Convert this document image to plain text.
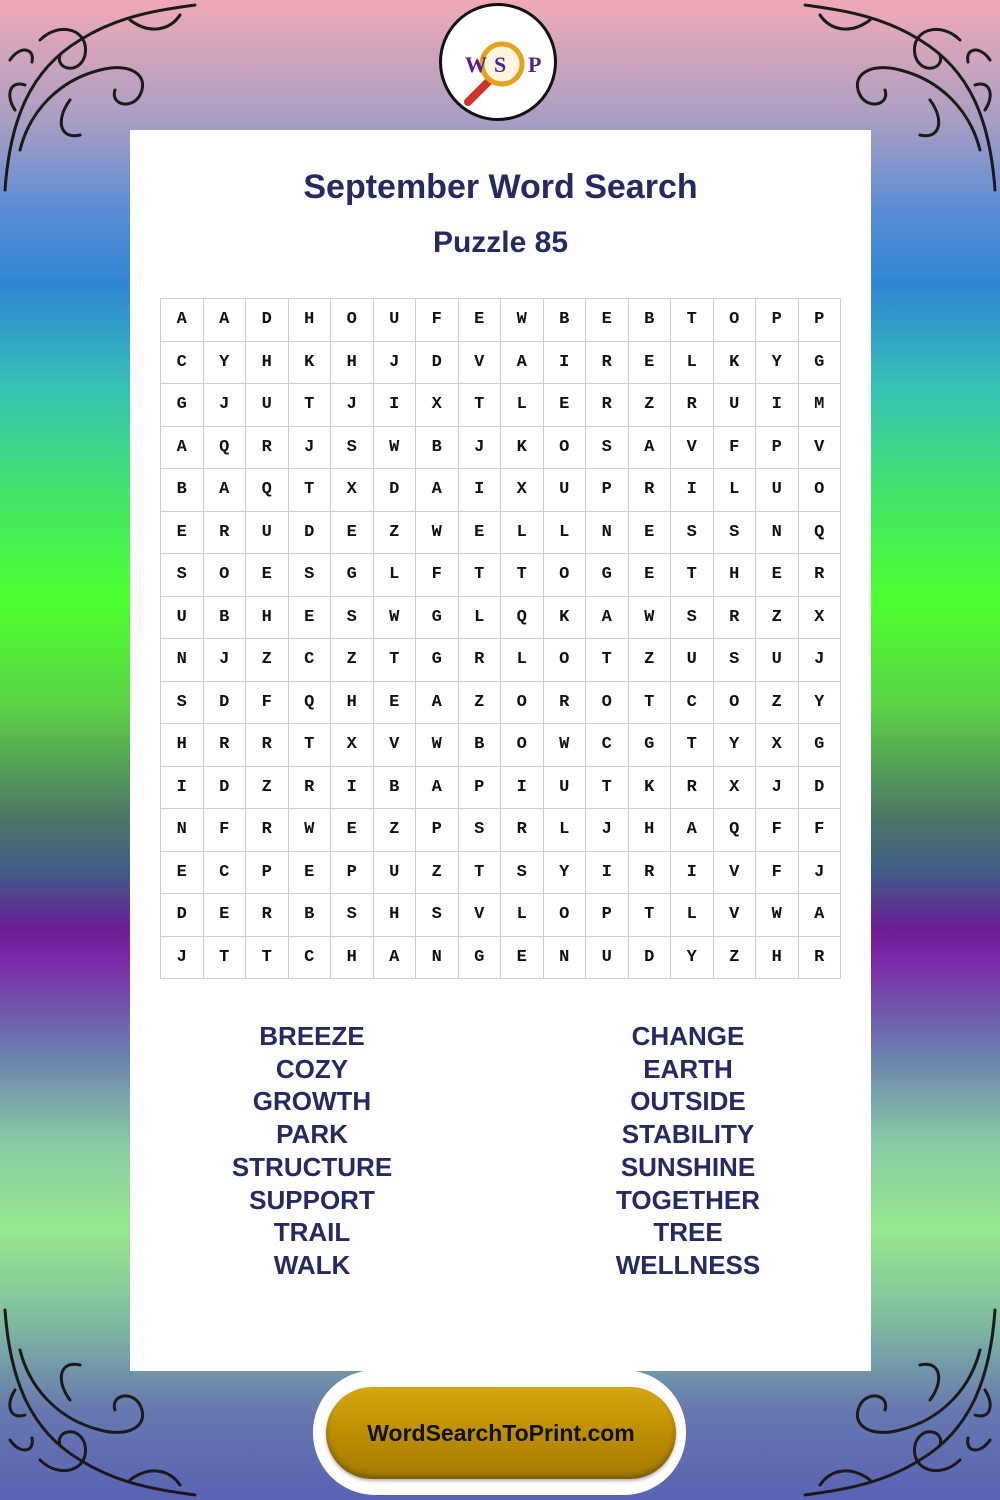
W S P
September Word Search
Puzzle 85
A	A	D	H	O	U	F	E	W	B	E	B	T	O	P	P
C	Y	H	K	H	J	D	V	A	I	R	E	L	K	Y	G
G	J	U	T	J	I	X	T	L	E	R	Z	R	U	I	M
A	Q	R	J	S	W	B	J	K	O	S	A	V	F	P	V
B	A	Q	T	X	D	A	I	X	U	P	R	I	L	U	O
E	R	U	D	E	Z	W	E	L	L	N	E	S	S	N	Q
S	O	E	S	G	L	F	T	T	O	G	E	T	H	E	R
U	B	H	E	S	W	G	L	Q	K	A	W	S	R	Z	X
N	J	Z	C	Z	T	G	R	L	O	T	Z	U	S	U	J
S	D	F	Q	H	E	A	Z	O	R	O	T	C	O	Z	Y
H	R	R	T	X	V	W	B	O	W	C	G	T	Y	X	G
I	D	Z	R	I	B	A	P	I	U	T	K	R	X	J	D
N	F	R	W	E	Z	P	S	R	L	J	H	A	Q	F	F
E	C	P	E	P	U	Z	T	S	Y	I	R	I	V	F	J
D	E	R	B	S	H	S	V	L	O	P	T	L	V	W	A
J	T	T	C	H	A	N	G	E	N	U	D	Y	Z	H	R
BREEZE
COZY
GROWTH
PARK
STRUCTURE
SUPPORT
TRAIL
WALK
CHANGE
EARTH
OUTSIDE
STABILITY
SUNSHINE
TOGETHER
TREE
WELLNESS
WordSearchToPrint.com
